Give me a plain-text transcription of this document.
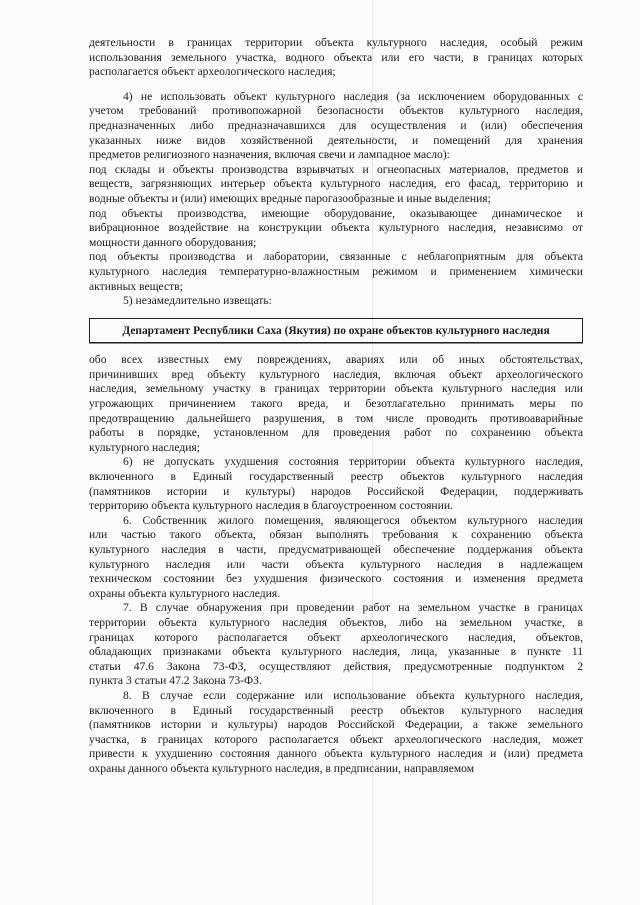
деятельности в границах территории объекта культурного наследия, особый режим
использования земельного участка, водного объекта или его части, в границах которых
располагается объект археологического наследия;
4) не использовать объект культурного наследия (за исключением оборудованных с
учетом требований противопожарной безопасности объектов культурного наследия,
предназначенных либо предназначавшихся для осуществления и (или) обеспечения
указанных ниже видов хозяйственной деятельности, и помещений для хранения
предметов религиозного назначения, включая свечи и лампадное масло):
под склады и объекты производства взрывчатых и огнеопасных материалов, предметов и
веществ, загрязняющих интерьер объекта культурного наследия, его фасад, территорию и
водные объекты и (или) имеющих вредные парогазообразные и иные выделения;
под объекты производства, имеющие оборудование, оказывающее динамическое и
вибрационное воздействие на конструкции объекта культурного наследия, независимо от
мощности данного оборудования;
под объекты производства и лаборатории, связанные с неблагоприятным для объекта
культурного наследия температурно-влажностным режимом и применением химически
активных веществ;
5) незамедлительно извещать:
Департамент Республики Саха (Якутия) по охране объектов культурного наследия
обо всех известных ему повреждениях, авариях или об иных обстоятельствах,
причинивших вред объекту культурного наследия, включая объект археологического
наследия, земельному участку в границах территории объекта культурного наследия или
угрожающих причинением такого вреда, и безотлагательно принимать меры по
предотвращению дальнейшего разрушения, в том числе проводить противоаварийные
работы в порядке, установленном для проведения работ по сохранению объекта
культурного наследия;
6) не допускать ухудшения состояния территории объекта культурного наследия,
включенного в Единый государственный реестр объектов культурного наследия
(памятников истории и культуры) народов Российской Федерации, поддерживать
территорию объекта культурного наследия в благоустроенном состоянии.
6. Собственник жилого помещения, являющегося объектом культурного наследия
или частью такого объекта, обязан выполнять требования к сохранению объекта
культурного наследия в части, предусматривающей обеспечение поддержания объекта
культурного наследия или части объекта культурного наследия в надлежащем
техническом состоянии без ухудшения физического состояния и изменения предмета
охраны объекта культурного наследия.
7. В случае обнаружения при проведении работ на земельном участке в границах
территории объекта культурного наследия объектов, либо на земельном участке, в
границах которого располагается объект археологического наследия, объектов,
обладающих признаками объекта культурного наследия, лица, указанные в пункте 11
статьи 47.6 Закона 73-ФЗ, осуществляют действия, предусмотренные подпунктом 2
пункта 3 статьи 47.2 Закона 73-ФЗ.
8. В случае если содержание или использование объекта культурного наследия,
включенного в Единый государственный реестр объектов культурного наследия
(памятников истории и культуры) народов Российской Федерации, а также земельного
участка, в границах которого располагается объект археологического наследия, может
привести к ухудшению состояния данного объекта культурного наследия и (или) предмета
охраны данного объекта культурного наследия, в предписании, направляемом
